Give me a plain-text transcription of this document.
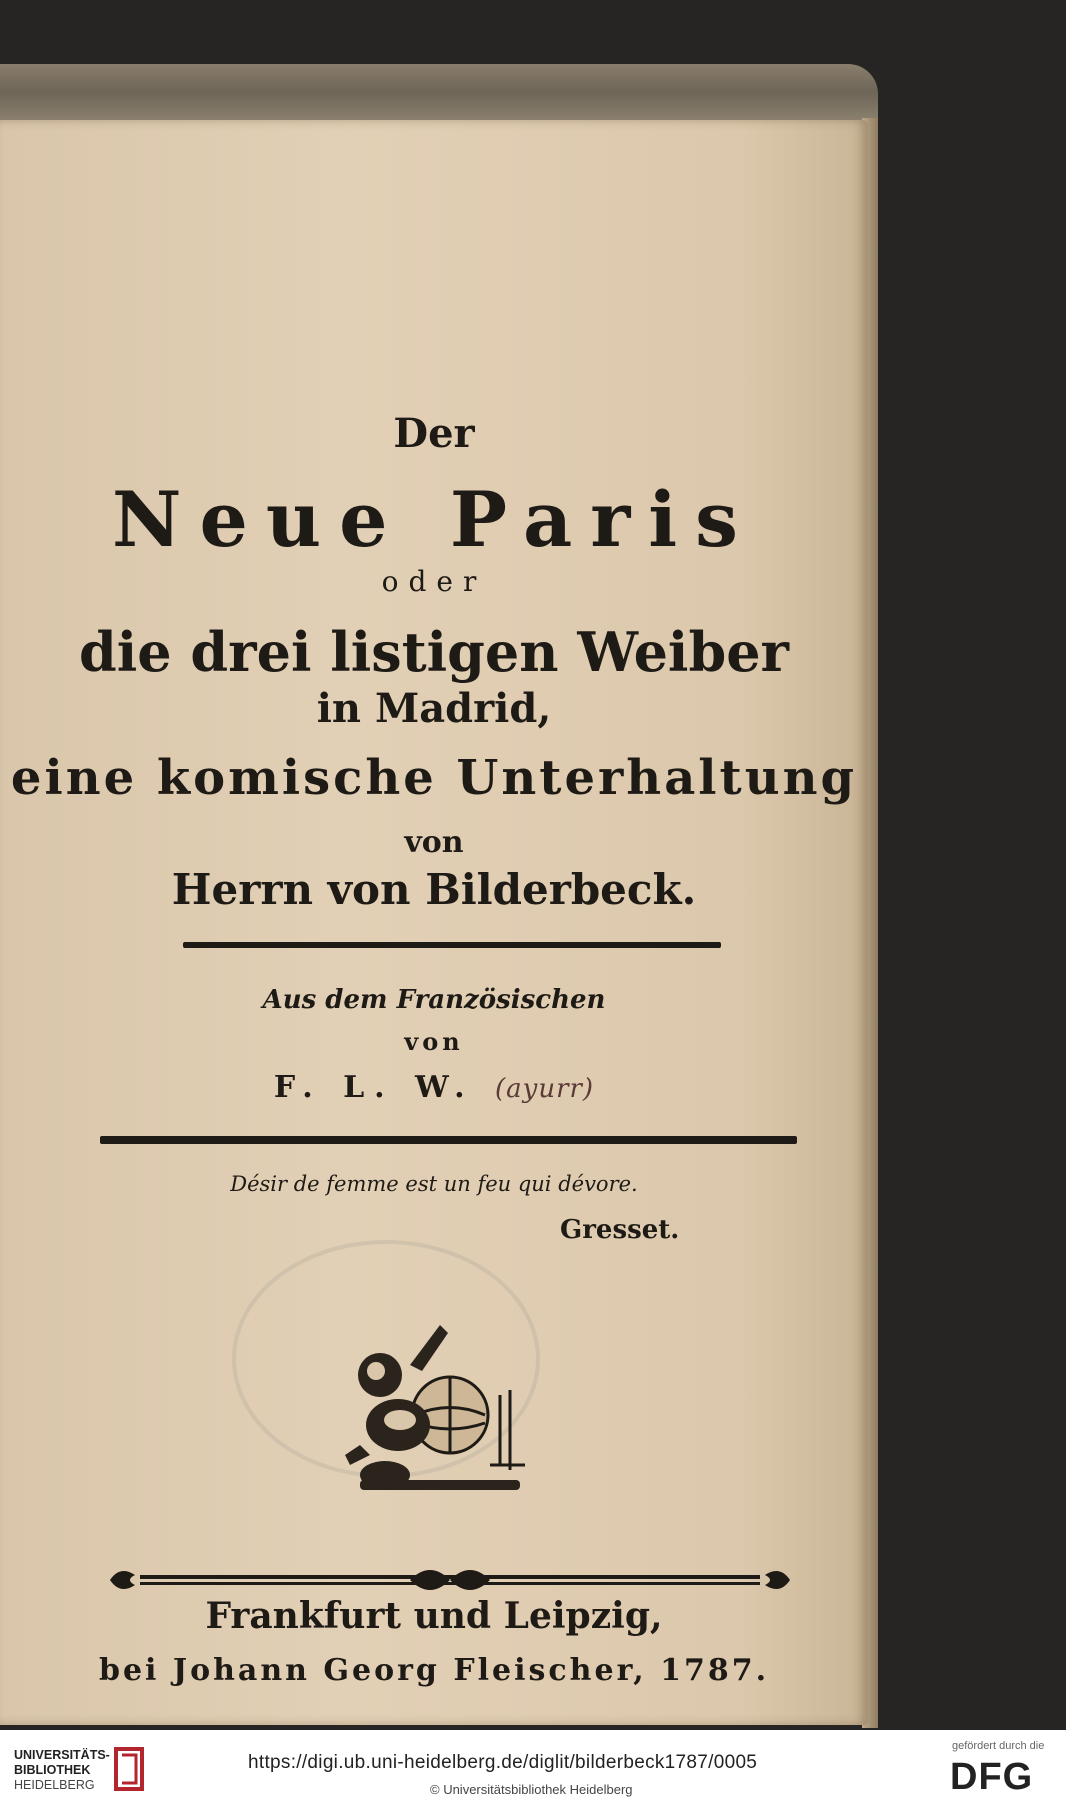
Der
Neue Paris
oder
die drei listigen Weiber
in Madrid,
eine komische Unterhaltung
von
Herrn von Bilderbeck.
Aus dem Französischen
von
F. L. W. (ayurr)
Désir de femme est un feu qui dévore.
Gresset.
Frankfurt und Leipzig,
bei Johann Georg Fleischer, 1787.
UNIVERSITÄTS-
BIBLIOTHEK
HEIDELBERG
https://digi.ub.uni-heidelberg.de/diglit/bilderbeck1787/0005
© Universitätsbibliothek Heidelberg
gefördert durch die
DFG
